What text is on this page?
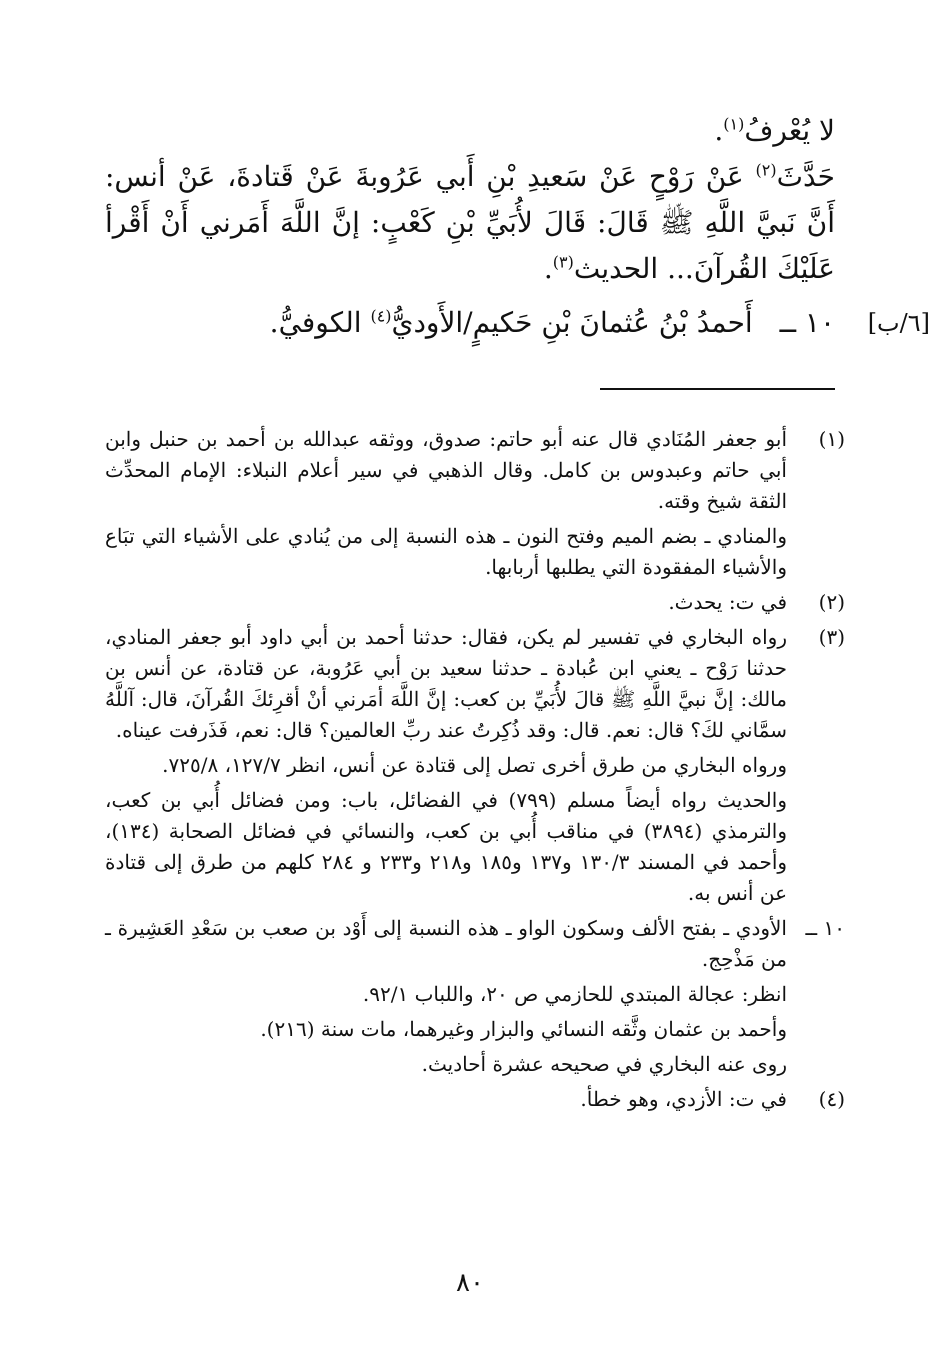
لا يُعْرفُ$^{(١)}$.

حَدَّثَ$^{(٢)}$ عَنْ رَوْحٍ عَنْ سَعيدِ بْنِ أَبي عَرُوبةَ عَنْ قَتادةَ، عَنْ أنس: أَنَّ نَبيَّ اللَّهِ ﷺ قَالَ: قَالَ لأُبَيِّ بْنِ كَعْبٍ: إنَّ اللَّهَ أَمَرني أَنْ أَقْرأ عَلَيْكَ القُرآنَ... الحديث$^{(٣)}$.

[٦/ب]
١٠ ــ أَحمدُ بْنُ عُثمانَ بْنِ حَكيمٍ/الأَوديُّ$^{(٤)}$ الكوفيُّ.

(١)

أبو جعفر المُنَادي قال عنه أبو حاتم: صدوق، ووثقه عبدالله بن أحمد بن حنبل وابن أبي حاتم وعبدوس بن كامل. وقال الذهبي في سير أعلام النبلاء: الإمام المحدِّث الثقة شيخ وقته.

والمنادي ـ بضم الميم وفتح النون ـ هذه النسبة إلى من يُنادي على الأشياء التي تبَاع والأشياء المفقودة التي يطلبها أربابها.

(٢)

في ت: يحدث.

(٣)

رواه البخاري في تفسير لم يكن، فقال: حدثنا أحمد بن أبي داود أبو جعفر المنادي، حدثنا رَوْح ـ يعني ابن عُبادة ـ حدثنا سعيد بن أبي عَرُوبة، عن قتادة، عن أنس بن مالك: إنَّ نبيَّ اللَّهِ ﷺ قالَ لأُبَيِّ بن كعب: إنَّ اللَّهَ أمَرني أنْ أقرِئكَ القُرآنَ، قال: آللَّهُ سمَّاني لكَ؟ قال: نعم. قال: وقد ذُكِرتُ عند ربِّ العالمين؟ قال: نعم، فَذَرفت عيناه.

ورواه البخاري من طرق أخرى تصل إلى قتادة عن أنس، انظر ١٢٧/٧، ٧٢٥/٨.

والحديث رواه أيضاً مسلم (٧٩٩) في الفضائل، باب: ومن فضائل أُبي بن كعب، والترمذي (٣٨٩٤) في مناقب أُبي بن كعب، والنسائي في فضائل الصحابة (١٣٤)، وأحمد في المسند ١٣٠/٣ و١٣٧ و١٨٥ و٢١٨ و٢٣٣ و ٢٨٤ كلهم من طرق إلى قتادة عن أنس به.

١٠ ــ

الأودي ـ بفتح الألف وسكون الواو ـ هذه النسبة إلى أَوْد بن صعب بن سَعْدِ العَشِيرة ـ من مَذْحِج.

انظر: عجالة المبتدي للحازمي ص ٢٠، واللباب ٩٢/١.

وأحمد بن عثمان وثَّقه النسائي والبزار وغيرهما، مات سنة (٢١٦).

روى عنه البخاري في صحيحه عشرة أحاديث.

(٤)

في ت: الأزدي، وهو خطأ.

٨٠
